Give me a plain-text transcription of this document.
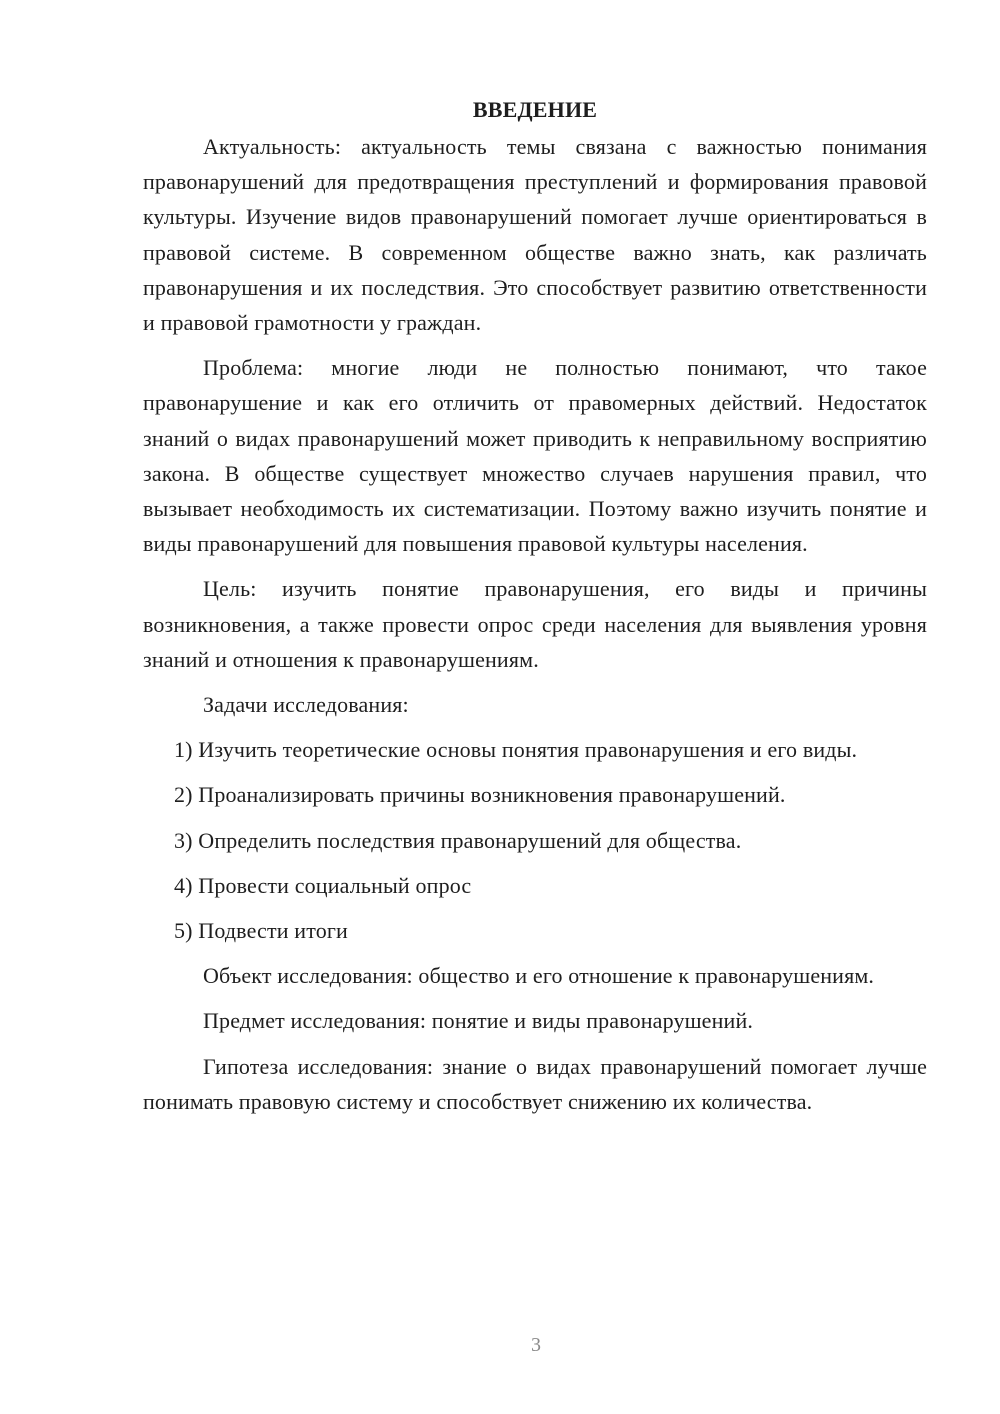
ВВЕДЕНИЕ

Актуальность: актуальность темы связана с важностью понимания правонарушений для предотвращения преступлений и формирования правовой культуры. Изучение видов правонарушений помогает лучше ориентироваться в правовой системе. В современном обществе важно знать, как различать правонарушения и их последствия. Это способствует развитию ответственности и правовой грамотности у граждан.

Проблема: многие люди не полностью понимают, что такое правонарушение и как его отличить от правомерных действий. Недостаток знаний о видах правонарушений может приводить к неправильному восприятию закона. В обществе существует множество случаев нарушения правил, что вызывает необходимость их систематизации. Поэтому важно изучить понятие и виды правонарушений для повышения правовой культуры населения.

Цель: изучить понятие правонарушения, его виды и причины возникновения, а также провести опрос среди населения для выявления уровня знаний и отношения к правонарушениям.

Задачи исследования:

1) Изучить теоретические основы понятия правонарушения и его виды.

2) Проанализировать причины возникновения правонарушений.

3) Определить последствия правонарушений для общества.

4) Провести социальный опрос

5) Подвести итоги

Объект исследования: общество и его отношение к правонарушениям.

Предмет исследования: понятие и виды правонарушений.

Гипотеза исследования: знание о видах правонарушений помогает лучше понимать правовую систему и способствует снижению их количества.

3
